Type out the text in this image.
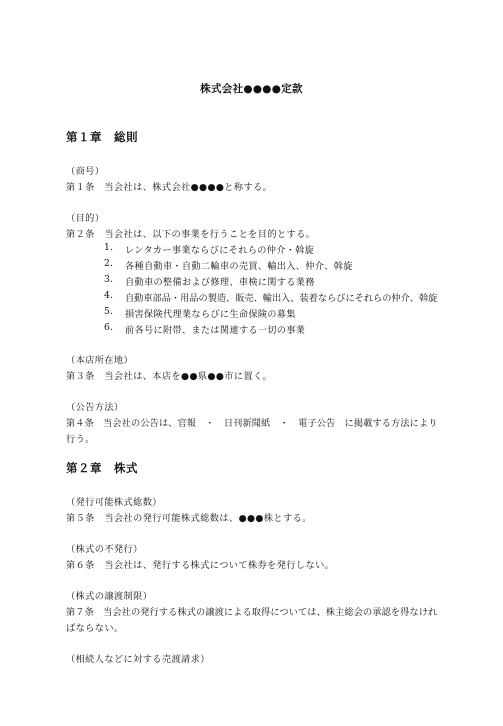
株式会社●●●●定款
第１章　総則
（商号）
第１条　当会社は、株式会社●●●●と称する。
（目的）
第２条　当会社は、以下の事業を行うことを目的とする。
1.	レンタカー事業ならびにそれらの仲介・斡旋
2.	各種自動車・自動二輪車の売買、輸出入、仲介、斡旋
3.	自動車の整備および修理、車検に関する業務
4.	自動車部品・用品の製造、販売、輸出入、装着ならびにそれらの仲介、斡旋
5.	損害保険代理業ならびに生命保険の募集
6.	前各号に附帯、または関連する一切の事業
（本店所在地）
第３条　当会社は、本店を●●県●●市に置く。
（公告方法）
第４条　当会社の公告は、官報　・　日刊新聞紙　・　電子公告　に掲載する方法により
行う。
第２章　株式
（発行可能株式総数）
第５条　当会社の発行可能株式総数は、●●●株とする。
（株式の不発行）
第６条　当会社は、発行する株式について株券を発行しない。
（株式の譲渡制限）
第７条　当会社の発行する株式の譲渡による取得については、株主総会の承認を得なけれ
ばならない。
（相続人などに対する売渡請求）
